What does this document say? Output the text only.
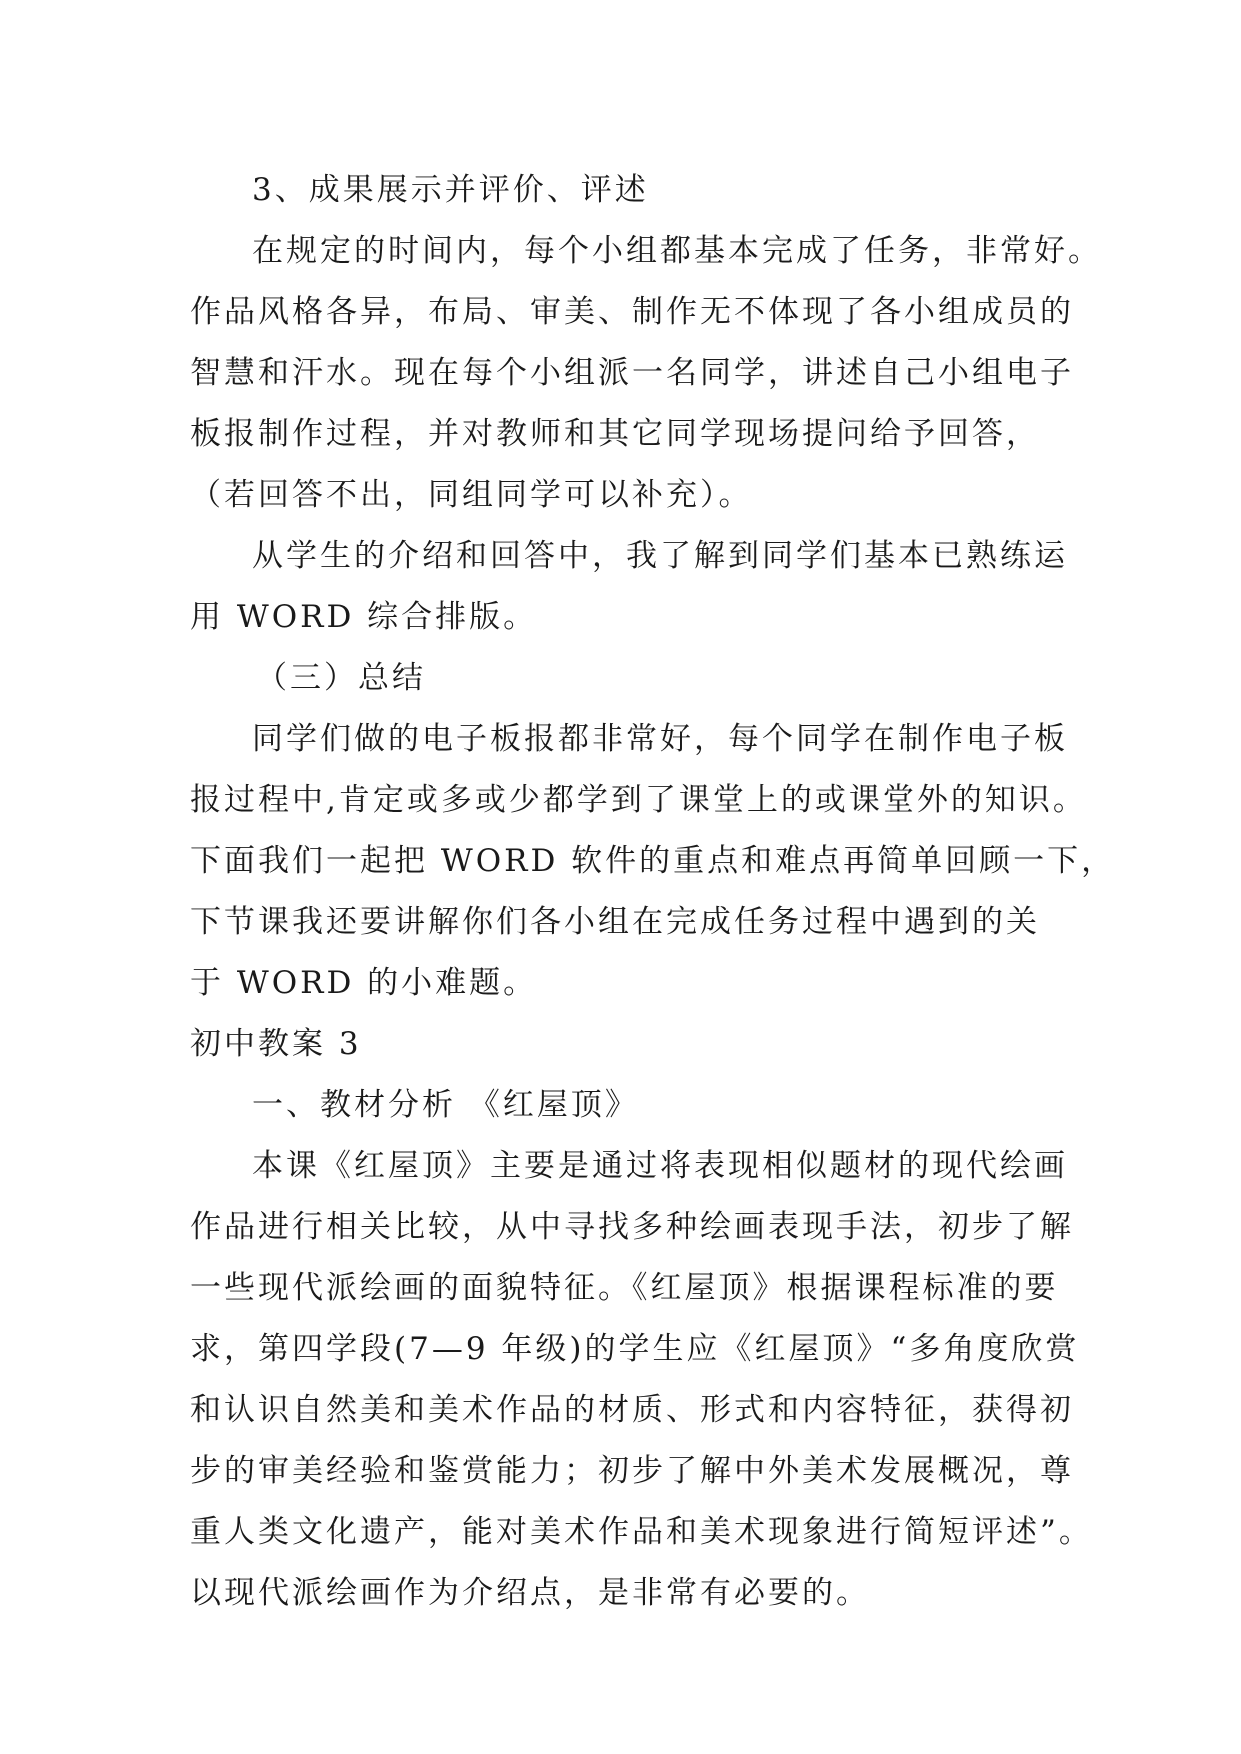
3、成果展示并评价、评述
在规定的时间内，每个小组都基本完成了任务，非常好。
作品风格各异，布局、审美、制作无不体现了各小组成员的
智慧和汗水。现在每个小组派一名同学，讲述自己小组电子
板报制作过程，并对教师和其它同学现场提问给予回答，
（若回答不出，同组同学可以补充）。
从学生的介绍和回答中，我了解到同学们基本已熟练运
用 WORD 综合排版。
（三）总结
同学们做的电子板报都非常好，每个同学在制作电子板
报过程中,肯定或多或少都学到了课堂上的或课堂外的知识。
下面我们一起把 WORD 软件的重点和难点再简单回顾一下，
下节课我还要讲解你们各小组在完成任务过程中遇到的关
于 WORD 的小难题。
初中教案 3
一、教材分析 《红屋顶》
本课《红屋顶》主要是通过将表现相似题材的现代绘画
作品进行相关比较，从中寻找多种绘画表现手法，初步了解
一些现代派绘画的面貌特征。《红屋顶》根据课程标准的要
求，第四学段(7—9 年级)的学生应《红屋顶》“多角度欣赏
和认识自然美和美术作品的材质、形式和内容特征，获得初
步的审美经验和鉴赏能力；初步了解中外美术发展概况，尊
重人类文化遗产，能对美术作品和美术现象进行简短评述”。
以现代派绘画作为介绍点，是非常有必要的。
